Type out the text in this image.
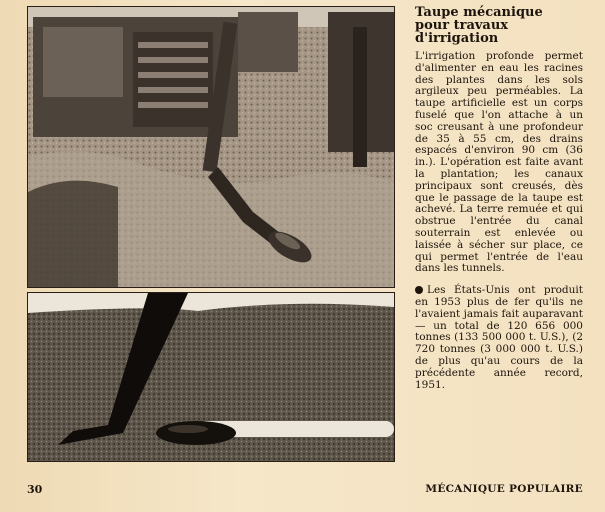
Taupe mécanique
pour travaux
d'irrigation

L'irrigation profonde permet d'alimenter en eau les racines des plantes dans les sols argileux peu perméables. La taupe artificielle est un corps fuselé que l'on attache à un soc creusant à une profondeur de 35 à 55 cm, des drains espacés d'environ 90 cm (36 in.). L'opération est faite avant la plantation; les canaux principaux sont creusés, dès que le passage de la taupe est achevé. La terre remuée et qui obstrue l'entrée du canal souterrain est enlevée ou laissée à sécher sur place, ce qui permet l'entrée de l'eau dans les tunnels.

Les États-Unis ont produit en 1953 plus de fer qu'ils ne l'avaient jamais fait auparavant — un total de 120 656 000 tonnes (133 500 000 t. U.S.), (2 720 tonnes (3 000 000 t. U.S.) de plus qu'au cours de la précédente année record, 1951.

30	MÉCANIQUE POPULAIRE
